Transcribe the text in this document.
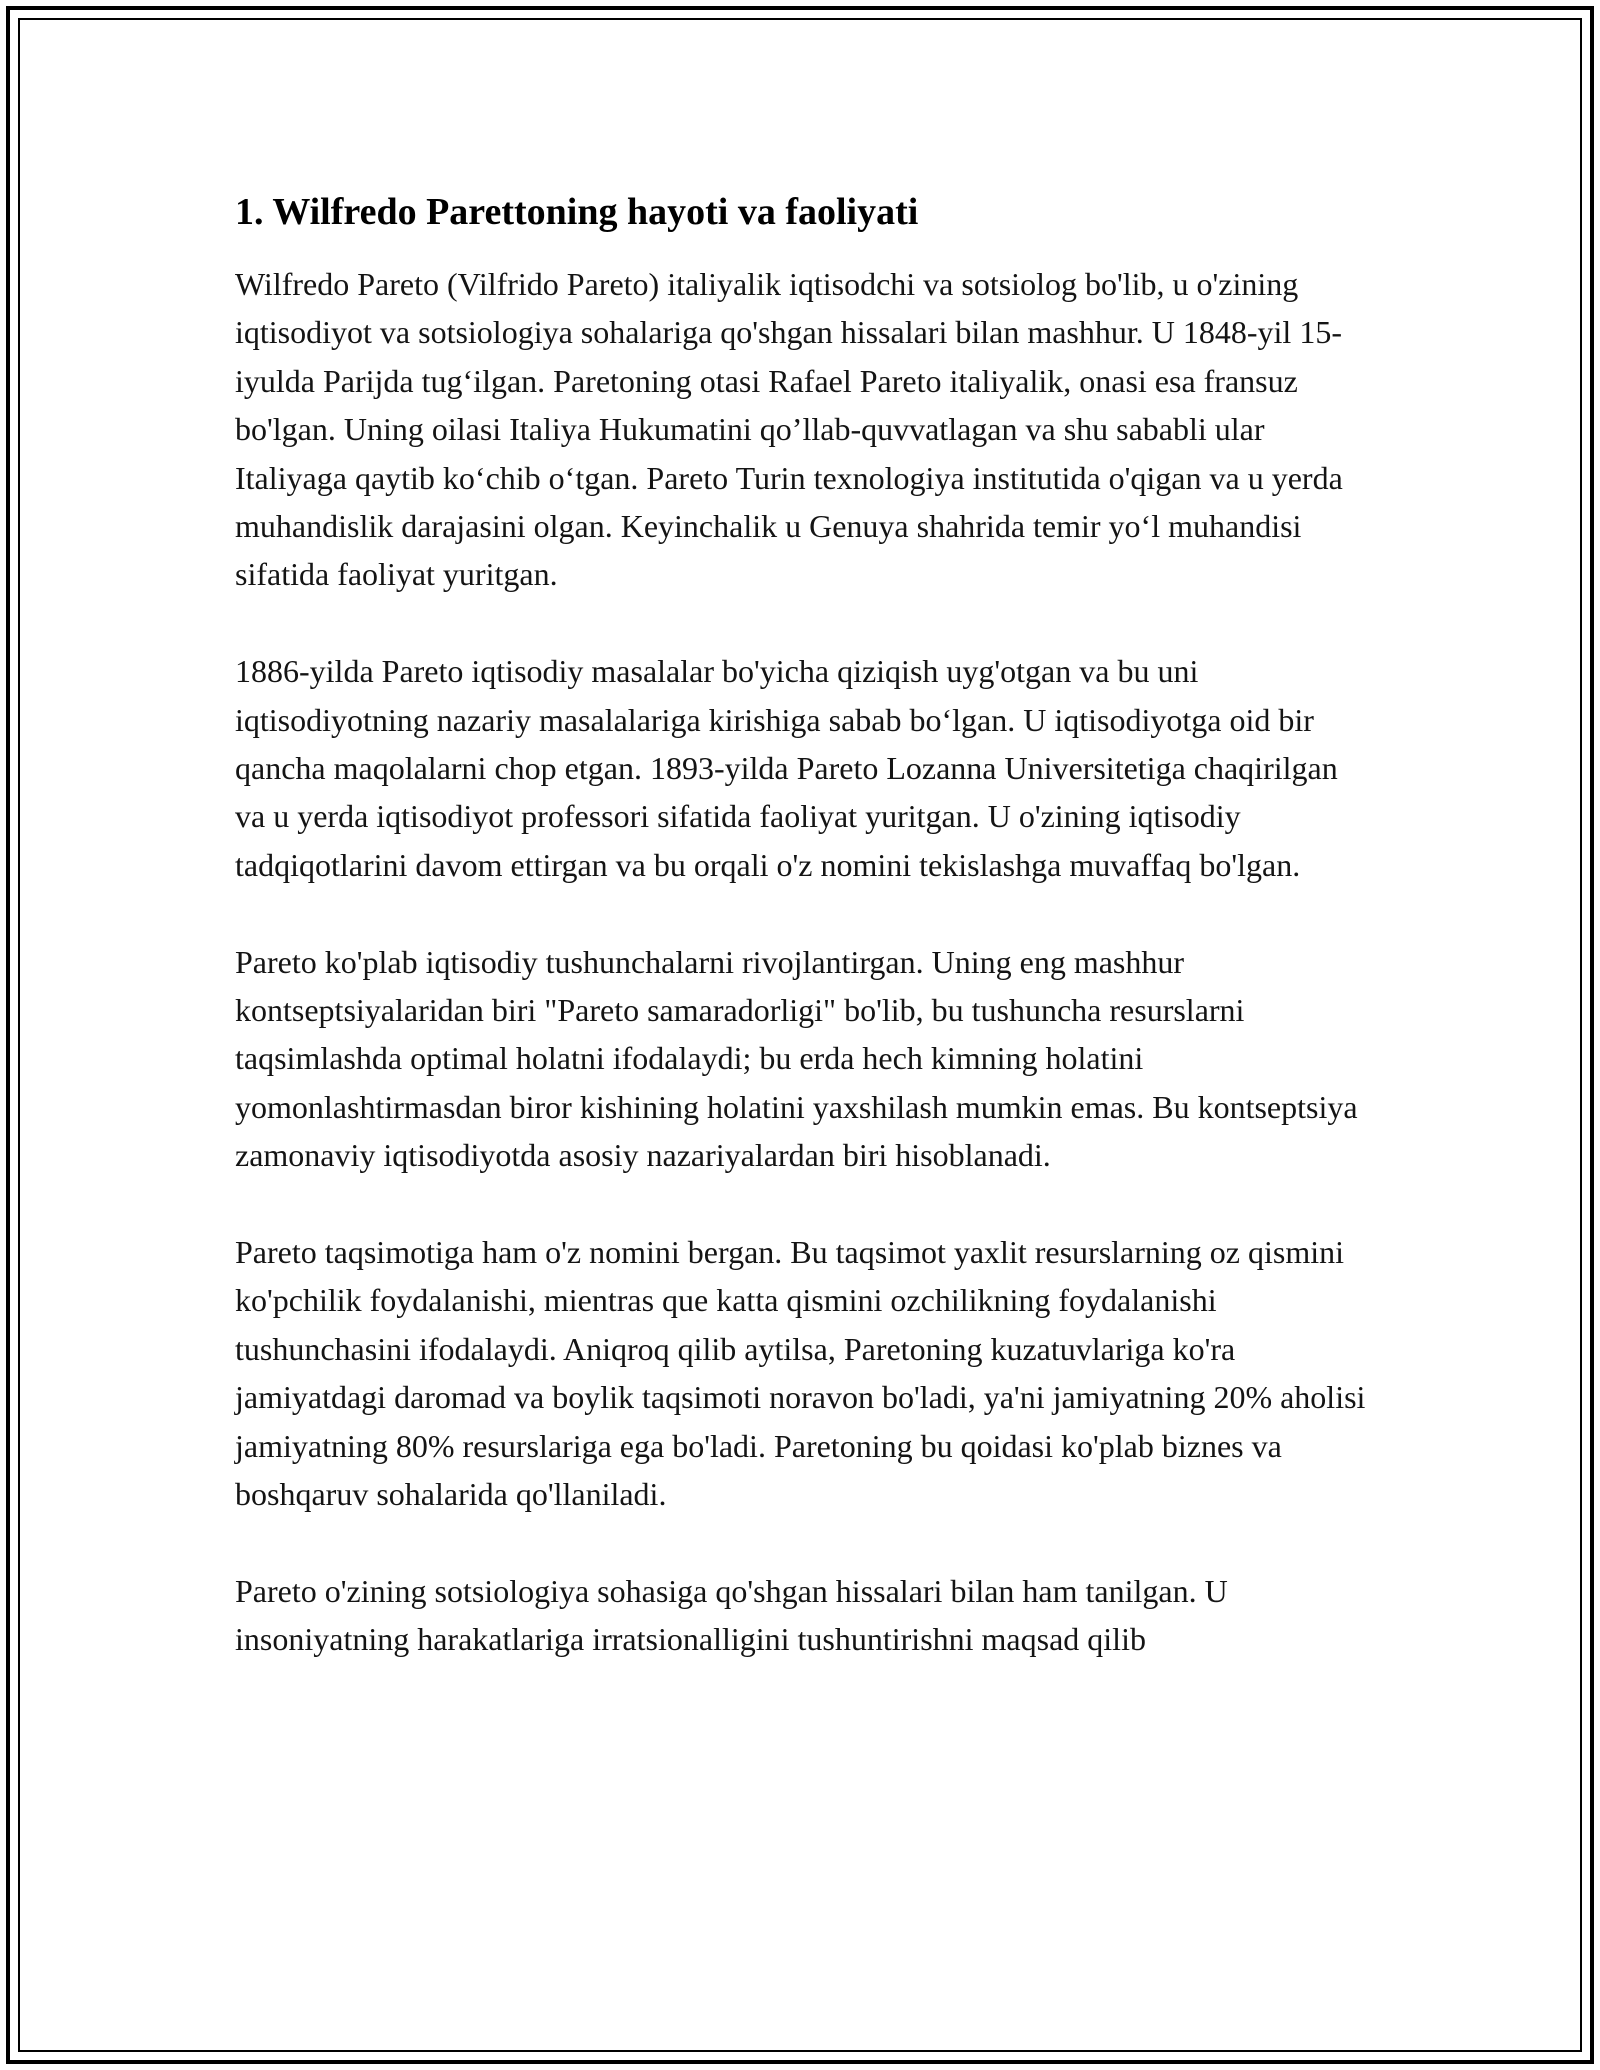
1. Wilfredo Parettoning hayoti va faoliyati

Wilfredo Pareto (Vilfrido Pareto) italiyalik iqtisodchi va sotsiolog bo'lib, u o'zining iqtisodiyot va sotsiologiya sohalariga qo'shgan hissalari bilan mashhur. U 1848-yil 15-iyulda Parijda tug‘ilgan. Paretoning otasi Rafael Pareto italiyalik, onasi esa fransuz bo'lgan. Uning oilasi Italiya Hukumatini qo’llab-quvvatlagan va shu sababli ular Italiyaga qaytib ko‘chib o‘tgan. Pareto Turin texnologiya institutida o'qigan va u yerda muhandislik darajasini olgan. Keyinchalik u Genuya shahrida temir yo‘l muhandisi sifatida faoliyat yuritgan.

1886-yilda Pareto iqtisodiy masalalar bo'yicha qiziqish uyg'otgan va bu uni iqtisodiyotning nazariy masalalariga kirishiga sabab bo‘lgan. U iqtisodiyotga oid bir qancha maqolalarni chop etgan. 1893-yilda Pareto Lozanna Universitetiga chaqirilgan va u yerda iqtisodiyot professori sifatida faoliyat yuritgan. U o'zining iqtisodiy tadqiqotlarini davom ettirgan va bu orqali o'z nomini tekislashga muvaffaq bo'lgan.

Pareto ko'plab iqtisodiy tushunchalarni rivojlantirgan. Uning eng mashhur kontseptsiyalaridan biri "Pareto samaradorligi" bo'lib, bu tushuncha resurslarni taqsimlashda optimal holatni ifodalaydi; bu erda hech kimning holatini yomonlashtirmasdan biror kishining holatini yaxshilash mumkin emas. Bu kontseptsiya zamonaviy iqtisodiyotda asosiy nazariyalardan biri hisoblanadi.

Pareto taqsimotiga ham o'z nomini bergan. Bu taqsimot yaxlit resurslarning oz qismini ko'pchilik foydalanishi, mientras que katta qismini ozchilikning foydalanishi tushunchasini ifodalaydi. Aniqroq qilib aytilsa, Paretoning kuzatuvlariga ko'ra jamiyatdagi daromad va boylik taqsimoti noravon bo'ladi, ya'ni jamiyatning 20% aholisi jamiyatning 80% resurslariga ega bo'ladi. Paretoning bu qoidasi ko'plab biznes va boshqaruv sohalarida qo'llaniladi.

Pareto o'zining sotsiologiya sohasiga qo'shgan hissalari bilan ham tanilgan. U insoniyatning harakatlariga irratsionalligini tushuntirishni maqsad qilib
